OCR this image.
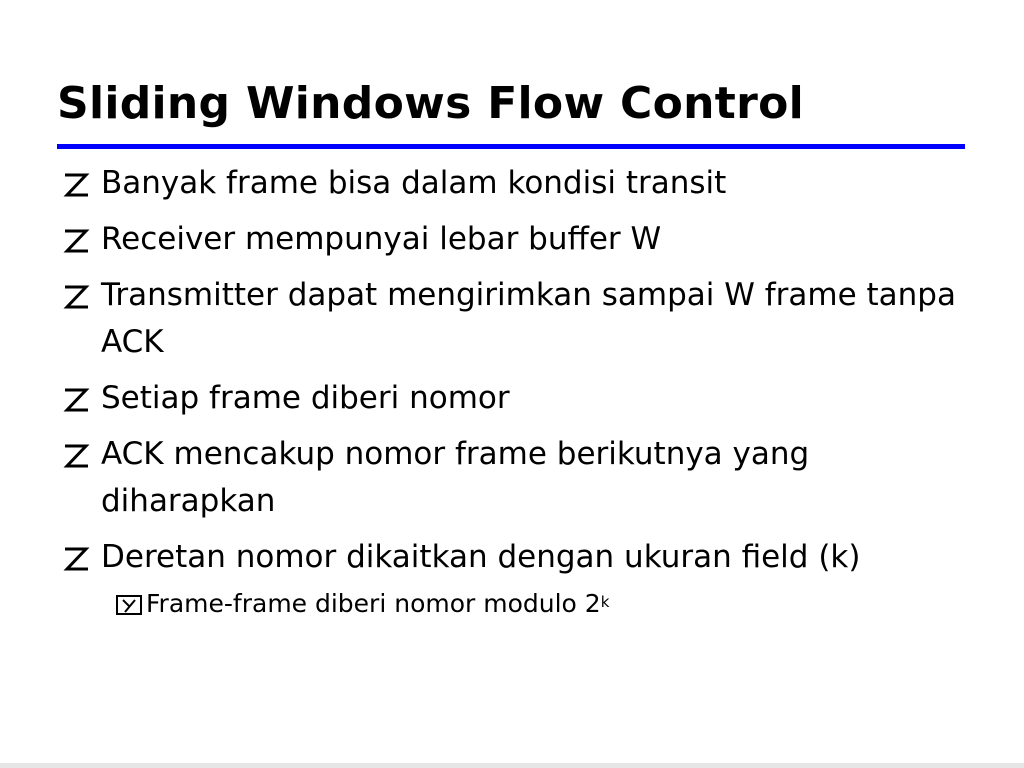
Sliding Windows Flow Control
Banyak frame bisa dalam kondisi transit
Receiver mempunyai lebar buffer W
Transmitter dapat mengirimkan sampai W frame tanpa ACK
Setiap frame diberi nomor
ACK mencakup nomor frame berikutnya yang diharapkan
Deretan nomor dikaitkan dengan ukuran field (k)
Frame-frame diberi nomor modulo 2$^k$
